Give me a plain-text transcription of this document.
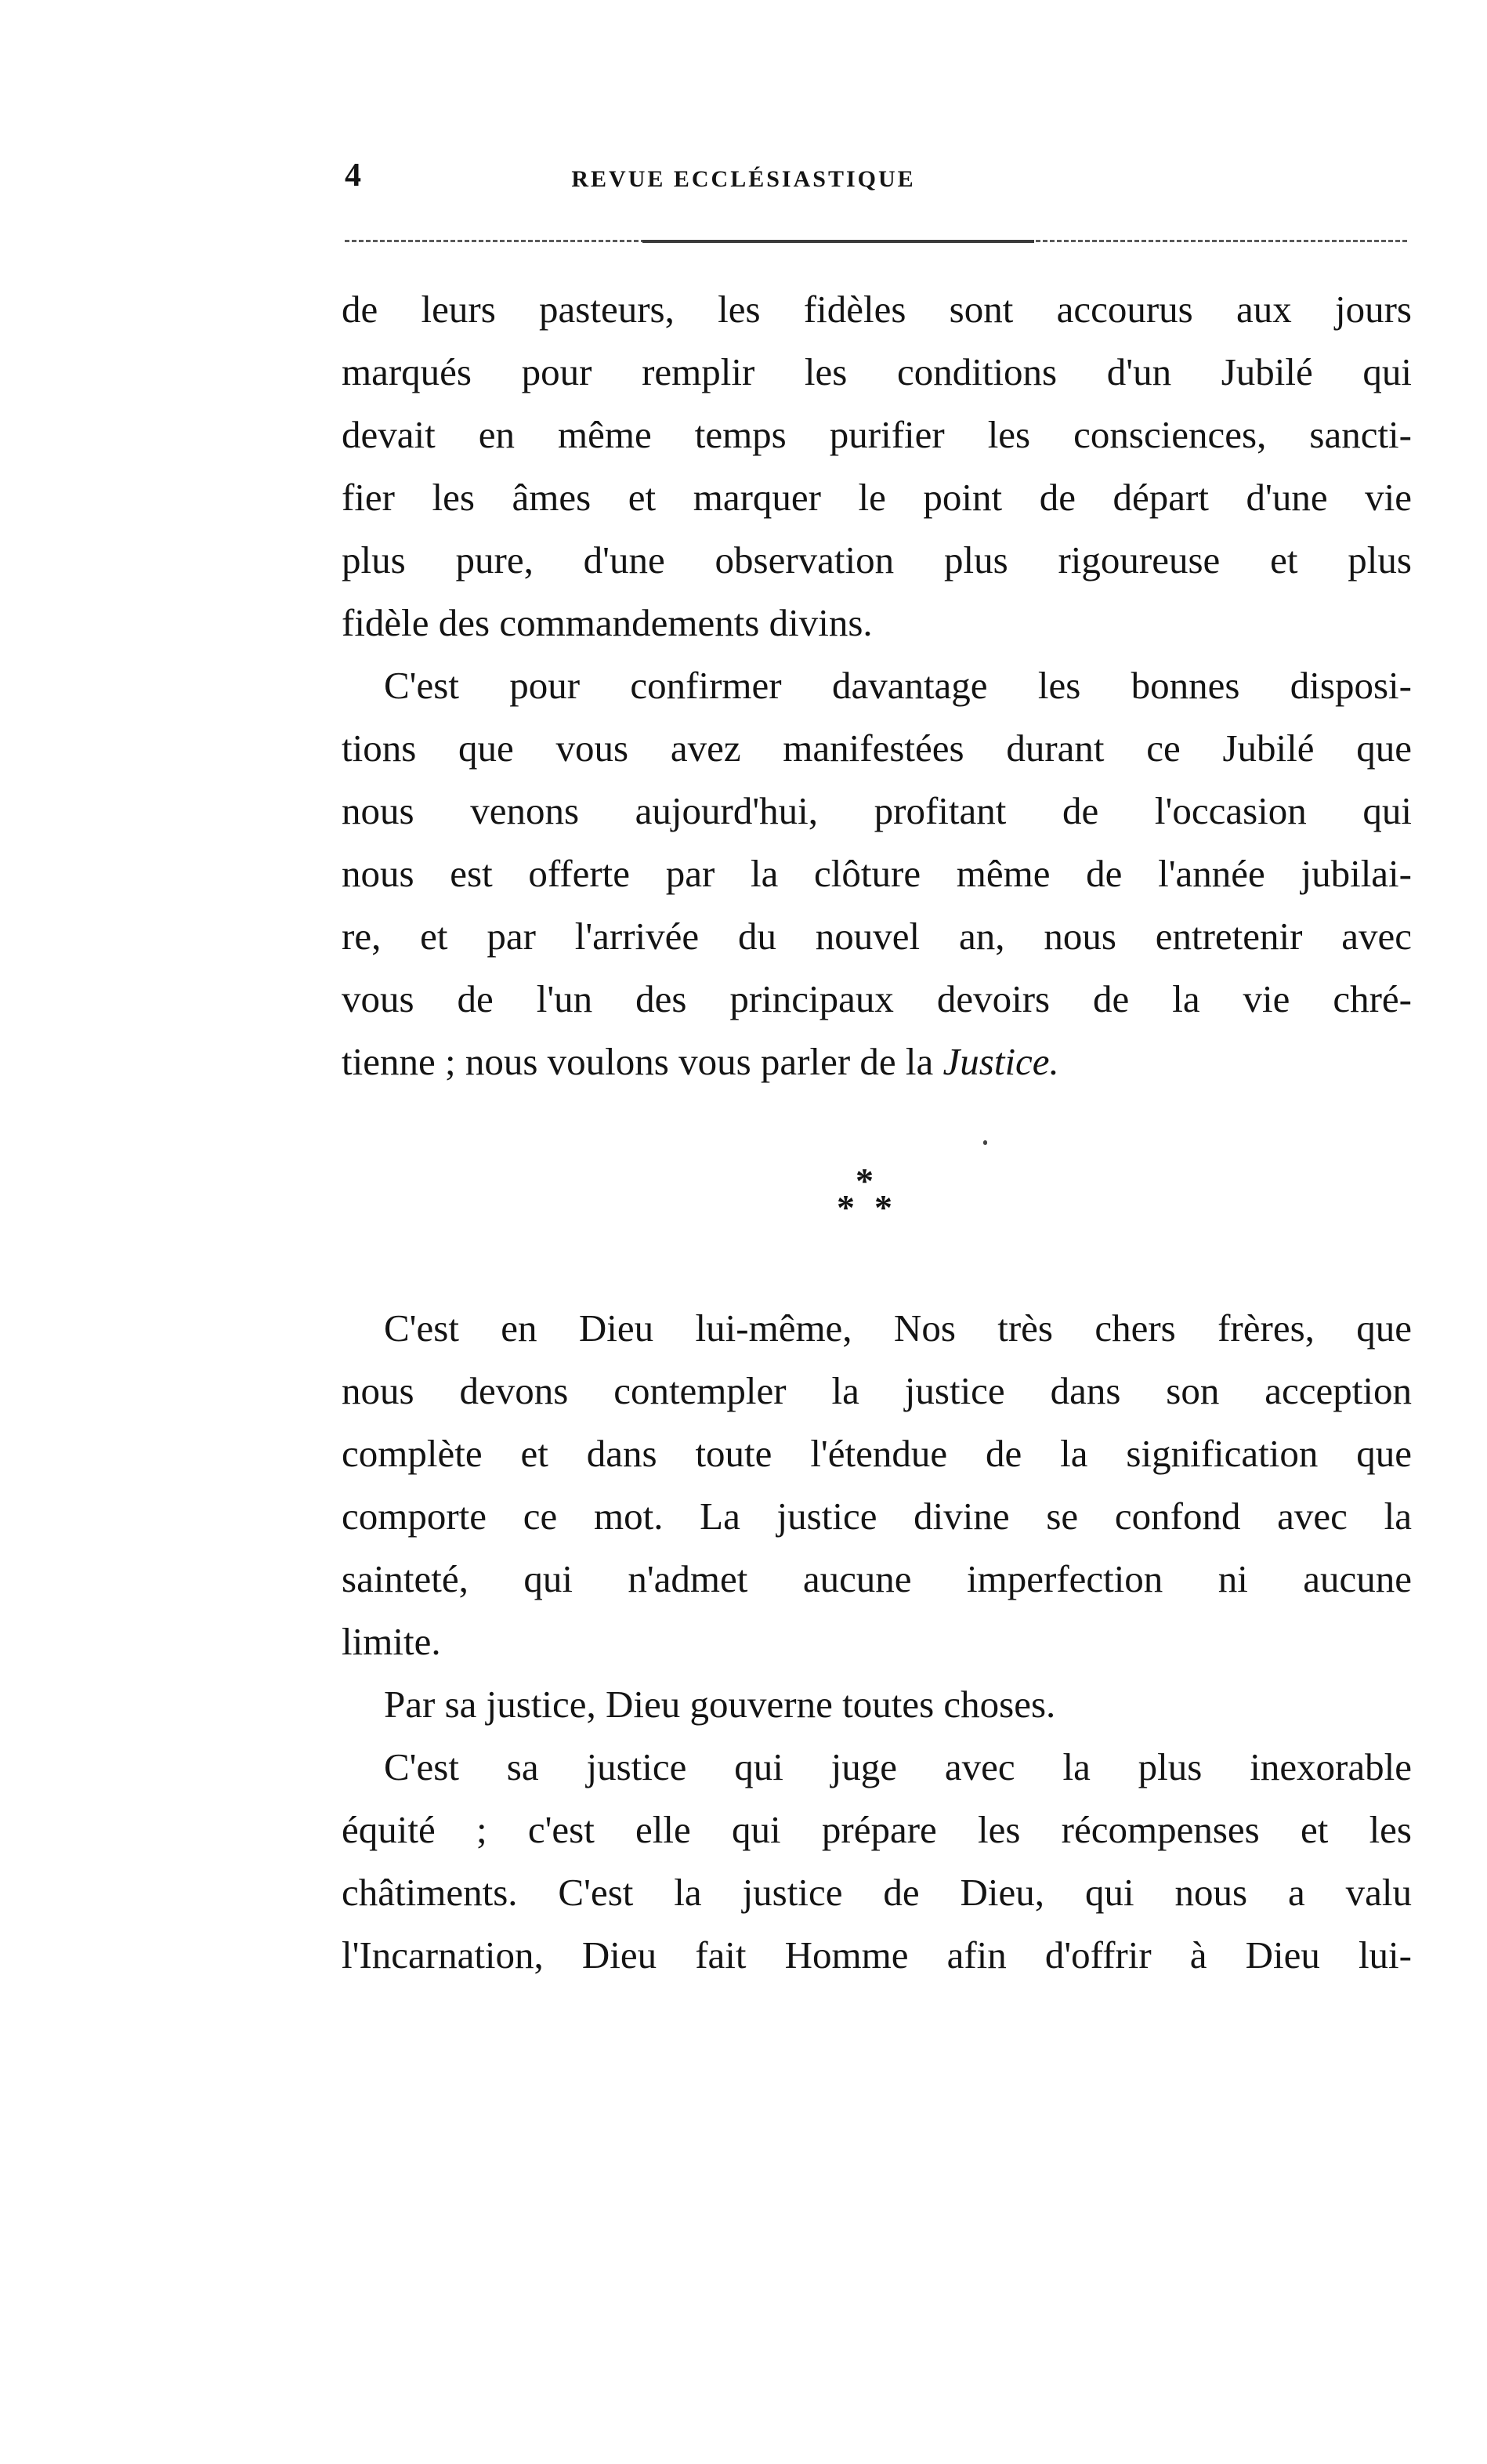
4	REVUE ECCLÉSIASTIQUE
de leurs pasteurs, les fidèles sont accourus aux jours
marqués pour remplir les conditions d'un Jubilé qui
devait en même temps purifier les consciences, sancti-
fier les âmes et marquer le point de départ d'une vie
plus pure, d'une observation plus rigoureuse et plus
fidèle des commandements divins.
C'est pour confirmer davantage les bonnes disposi-
tions que vous avez manifestées durant ce Jubilé que
nous venons aujourd'hui, profitant de l'occasion qui
nous est offerte par la clôture même de l'année jubilai-
re, et par l'arrivée du nouvel an, nous entretenir avec
vous de l'un des principaux devoirs de la vie chré-
tienne ; nous voulons vous parler de la Justice.
*
* *
C'est en Dieu lui-même, Nos très chers frères, que
nous devons contempler la justice dans son acception
complète et dans toute l'étendue de la signification que
comporte ce mot. La justice divine se confond avec la
sainteté, qui n'admet aucune imperfection ni aucune
limite.
Par sa justice, Dieu gouverne toutes choses.
C'est sa justice qui juge avec la plus inexorable
équité ; c'est elle qui prépare les récompenses et les
châtiments. C'est la justice de Dieu, qui nous a valu
l'Incarnation, Dieu fait Homme afin d'offrir à Dieu lui-
